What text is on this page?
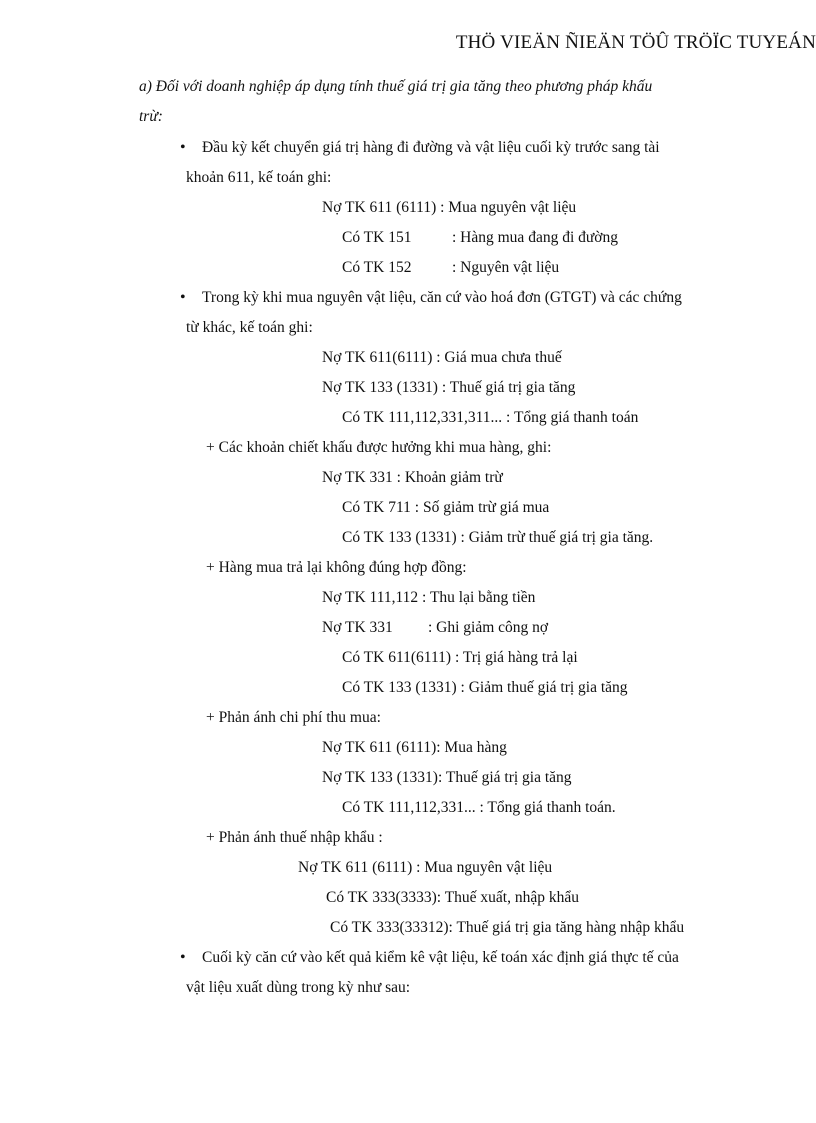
THÖ VIEÄN ÑIEÄN TÖÛ TRÖÏC TUYEÁN
a) Đối với doanh nghiệp áp dụng tính thuế giá trị gia tăng theo phương pháp khấu
trừ:
• Đầu kỳ kết chuyển giá trị hàng đi đường và vật liệu cuối kỳ trước sang tài
khoản 611, kế toán ghi:
Nợ TK 611 (6111) : Mua nguyên vật liệu
Có TK 151	: Hàng mua đang đi đường
Có TK 152	: Nguyên vật liệu
• Trong kỳ khi mua nguyên vật liệu, căn cứ vào hoá đơn (GTGT) và các chứng
từ khác, kế toán ghi:
Nợ TK 611(6111) : Giá mua chưa thuế
Nợ TK 133 (1331) : Thuế giá trị gia tăng
Có TK 111,112,331,311... : Tổng giá thanh toán
+ Các khoản chiết khấu được hưởng khi mua hàng, ghi:
Nợ TK 331 : Khoản giảm trừ
Có TK 711 : Số giảm trừ giá mua
Có TK 133 (1331) : Giảm trừ thuế giá trị gia tăng.
+ Hàng mua trả lại không đúng hợp đồng:
Nợ TK 111,112 : Thu lại bằng tiền
Nợ TK 331 : Ghi giảm công nợ
Có TK 611(6111) : Trị giá hàng trả lại
Có TK 133 (1331) : Giảm thuế giá trị gia tăng
+ Phản ánh chi phí thu mua:
Nợ TK 611 (6111): Mua hàng
Nợ TK 133 (1331): Thuế giá trị gia tăng
Có TK 111,112,331... : Tổng giá thanh toán.
+ Phản ánh thuế nhập khẩu :
Nợ TK 611 (6111) : Mua nguyên vật liệu
Có TK 333(3333): Thuế xuất, nhập khẩu
Có TK 333(33312): Thuế giá trị gia tăng hàng nhập khẩu
• Cuối kỳ căn cứ vào kết quả kiểm kê vật liệu, kế toán xác định giá thực tế của
vật liệu xuất dùng trong kỳ như sau:
